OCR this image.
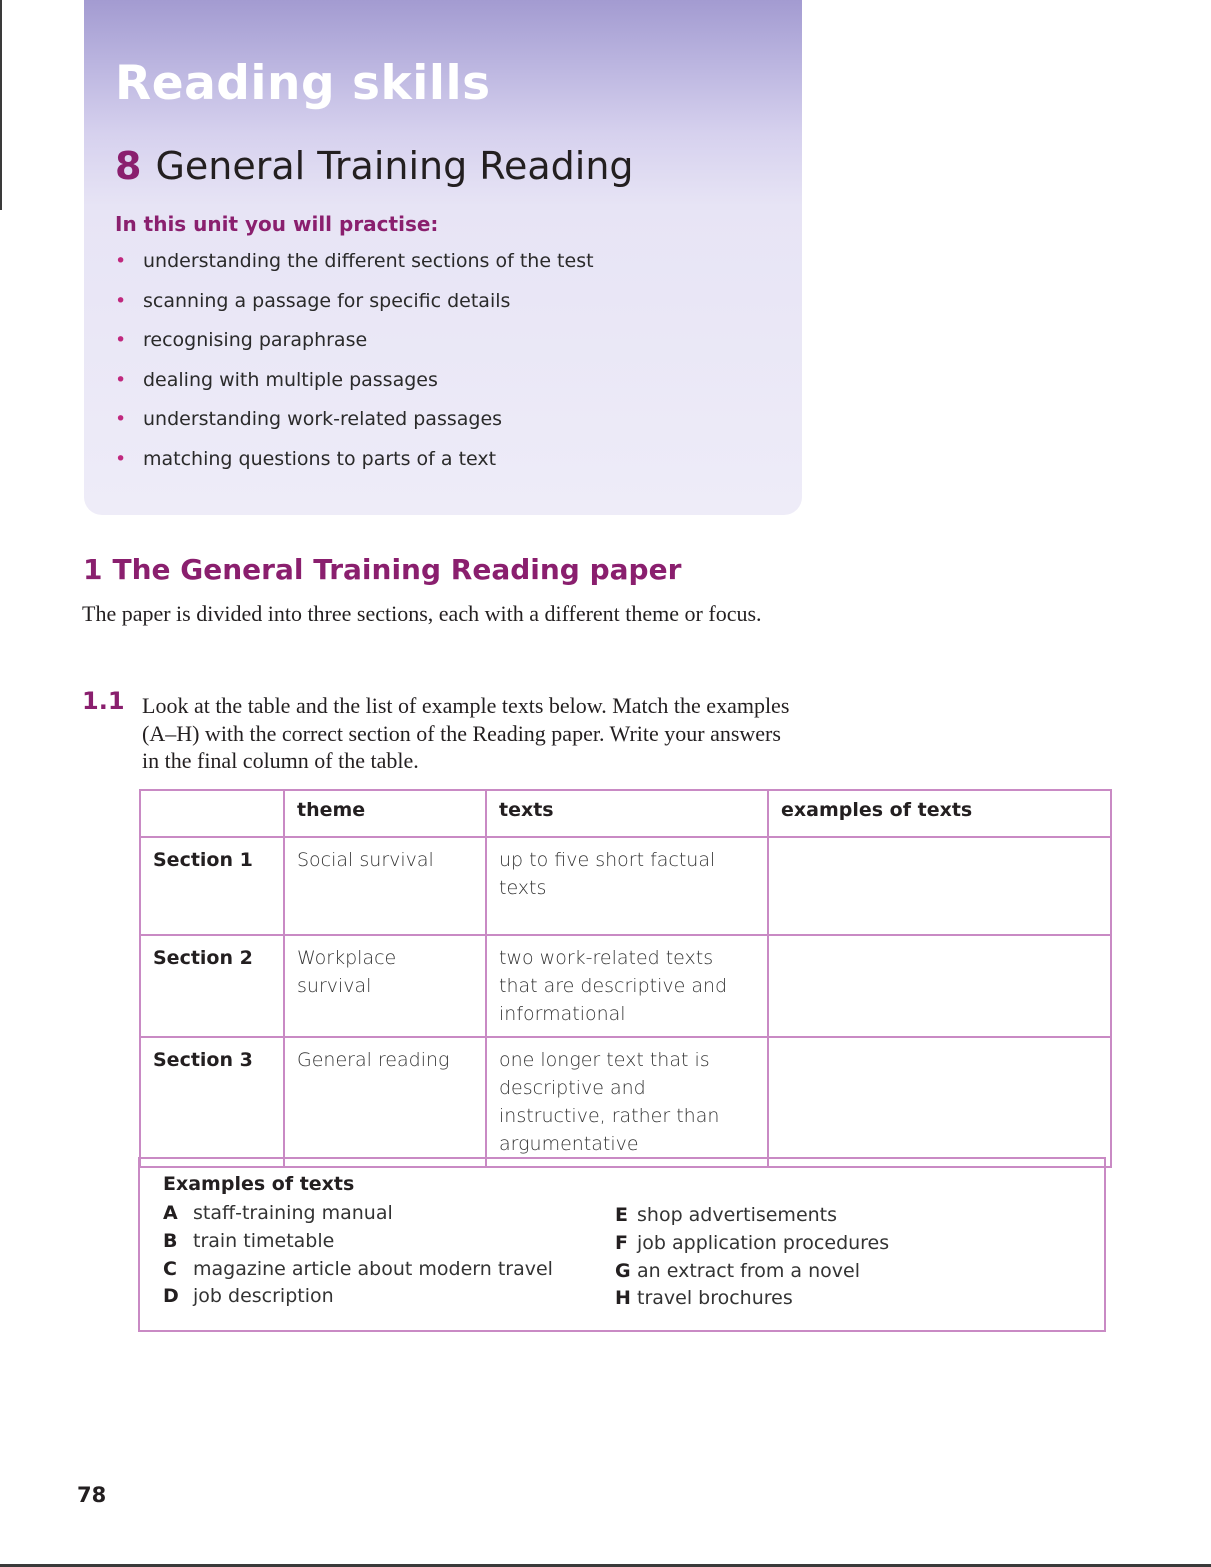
Reading skills
8 General Training Reading
In this unit you will practise:
• understanding the different sections of the test
• scanning a passage for specific details
• recognising paraphrase
• dealing with multiple passages
• understanding work-related passages
• matching questions to parts of a text
1 The General Training Reading paper

The paper is divided into three sections, each with a different theme or focus.

1.1 Look at the table and the list of example texts below. Match the examples (A–H) with the correct section of the Reading paper. Write your answers in the final column of the table.

	theme	texts	examples of texts
Section 1	Social survival	up to five short factual texts	
Section 2	Workplace survival	two work-related texts that are descriptive and informational	
Section 3	General reading	one longer text that is descriptive and instructive, rather than argumentative	
Examples of texts
A staff-training manual
B train timetable
C magazine article about modern travel
D job description
E shop advertisements
F job application procedures
G an extract from a novel
H travel brochures
78
